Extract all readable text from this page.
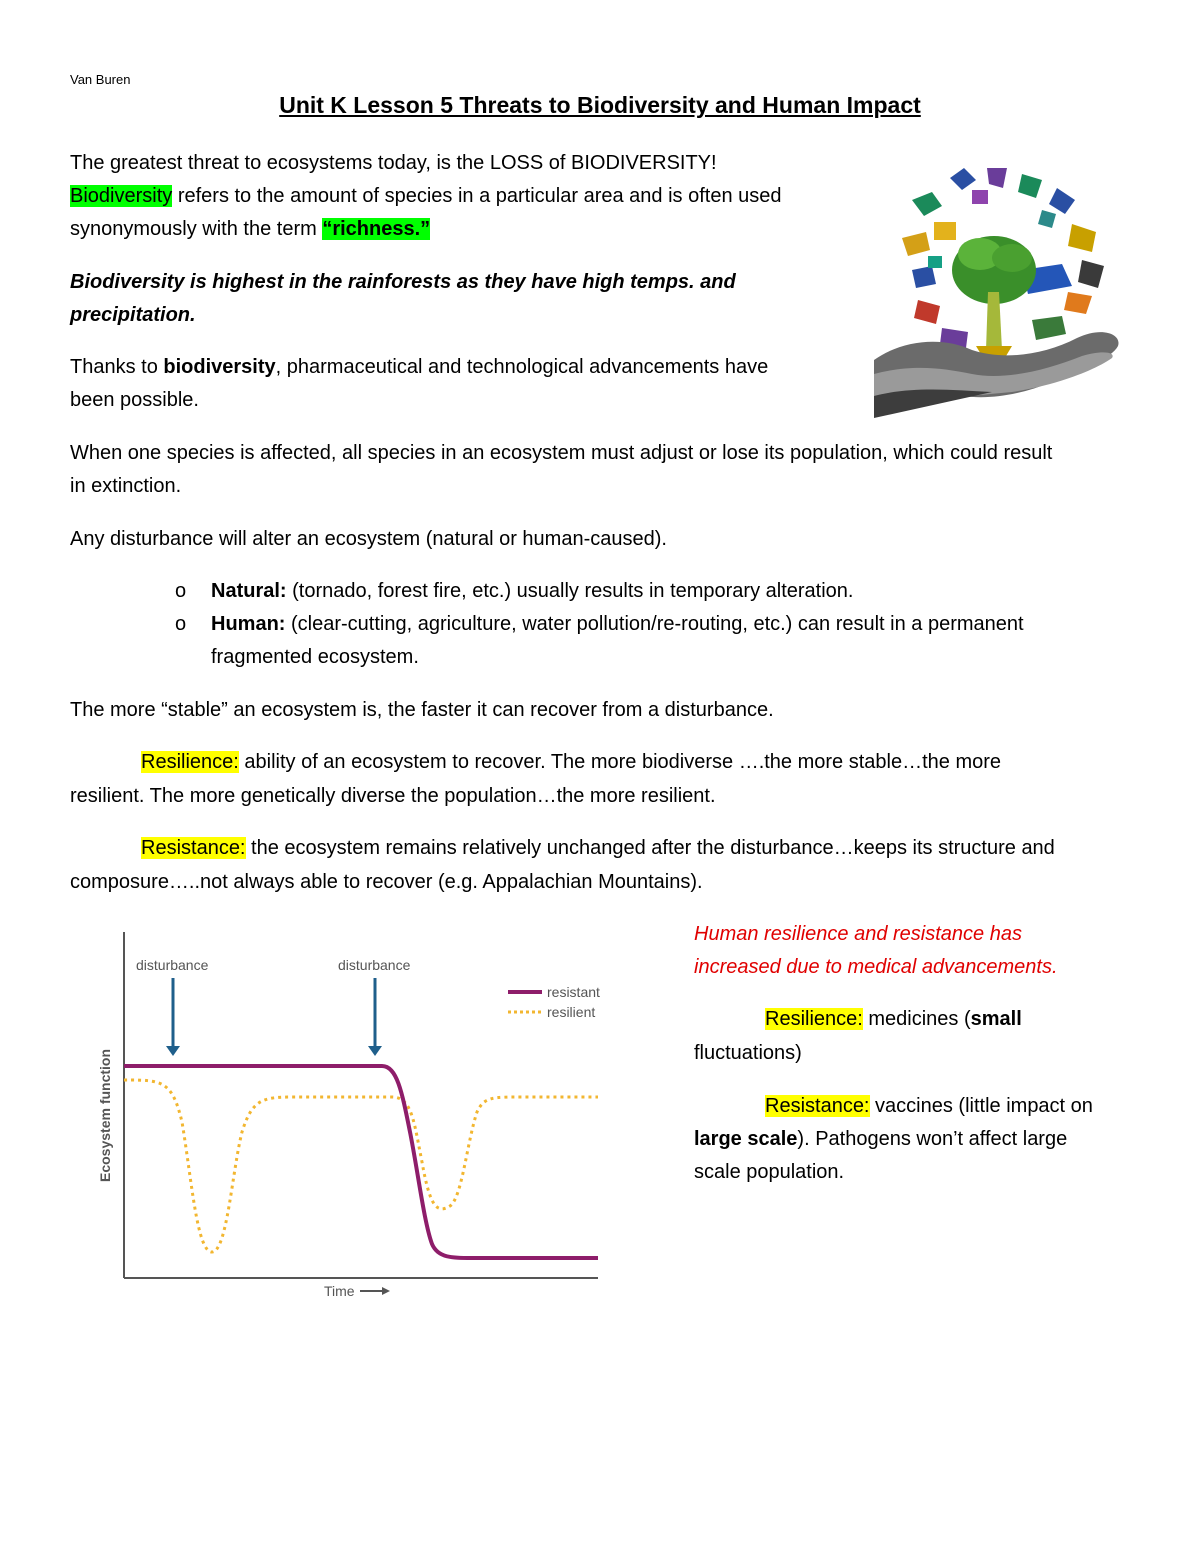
Van Buren
Unit K Lesson 5 Threats to Biodiversity and Human Impact

The greatest threat to ecosystems today, is the LOSS of BIODIVERSITY!

Biodiversity refers to the amount of species in a particular area and is often used

synonymously with the term “richness.”

Biodiversity is highest in the rainforests as they have high temps. and

precipitation.

Thanks to biodiversity, pharmaceutical and technological advancements have

been possible.

When one species is affected, all species in an ecosystem must adjust or lose its population, which could result

in extinction.

Any disturbance will alter an ecosystem (natural or human-caused).

o Natural: (tornado, forest fire, etc.) usually results in temporary alteration.
o Human: (clear-cutting, agriculture, water pollution/re-routing, etc.) can result in a permanent
fragmented ecosystem.

The more “stable” an ecosystem is, the faster it can recover from a disturbance.

Resilience: ability of an ecosystem to recover. The more biodiverse ….the more stable…the more

resilient. The more genetically diverse the population…the more resilient.

Resistance: the ecosystem remains relatively unchanged after the disturbance…keeps its structure and

composure…..not always able to recover (e.g. Appalachian Mountains).

Human resilience and resistance has

increased due to medical advancements.

Resilience: medicines (small

fluctuations)

Resistance: vaccines (little impact on

large scale). Pathogens won’t affect large

scale population.

disturbance	disturbance
resistant
resilient
Time
Ecosystem function
